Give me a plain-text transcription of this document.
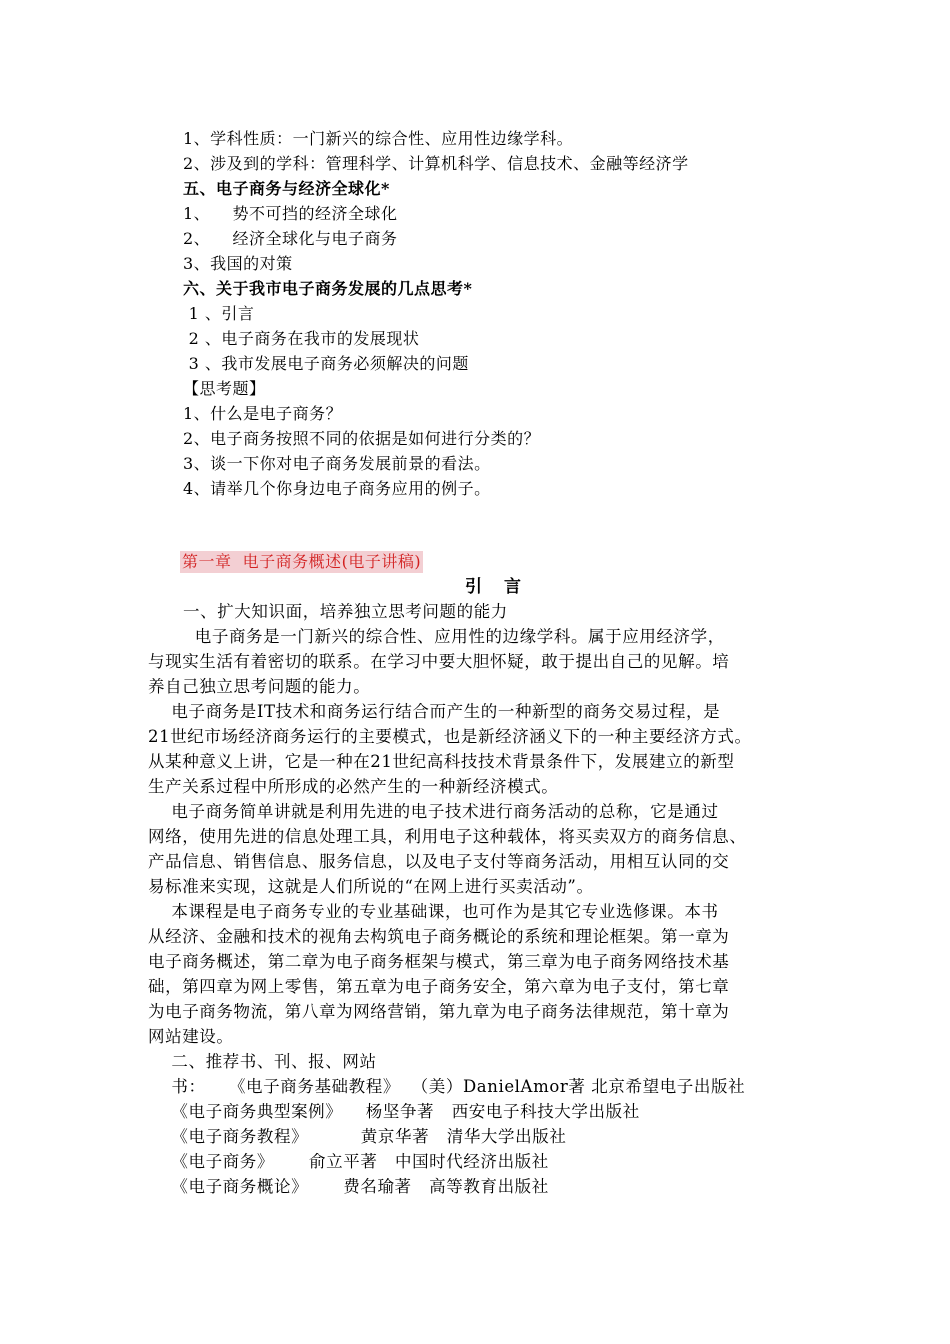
1、学科性质：一门新兴的综合性、应用性边缘学科。
2、涉及到的学科：管理科学、计算机科学、信息技术、金融等经济学
五、电子商务与经济全球化*
1、    势不可挡的经济全球化
2、    经济全球化与电子商务
3、我国的对策
六、关于我市电子商务发展的几点思考*
1 、引言
2 、电子商务在我市的发展现状
3 、我市发展电子商务必须解决的问题
【思考题】
1、什么是电子商务？
2、电子商务按照不同的依据是如何进行分类的？
3、谈一下你对电子商务发展前景的看法。
4、请举几个你身边电子商务应用的例子。
第一章  电子商务概述(电子讲稿)
引言
一、扩大知识面，培养独立思考问题的能力
电子商务是一门新兴的综合性、应用性的边缘学科。属于应用经济学，
与现实生活有着密切的联系。在学习中要大胆怀疑，敢于提出自己的见解。培
养自己独立思考问题的能力。
电子商务是IT技术和商务运行结合而产生的一种新型的商务交易过程，是
21世纪市场经济商务运行的主要模式，也是新经济涵义下的一种主要经济方式。
从某种意义上讲，它是一种在21世纪高科技技术背景条件下，发展建立的新型
生产关系过程中所形成的必然产生的一种新经济模式。
电子商务简单讲就是利用先进的电子技术进行商务活动的总称，它是通过
网络，使用先进的信息处理工具，利用电子这种载体，将买卖双方的商务信息、
产品信息、销售信息、服务信息，以及电子支付等商务活动，用相互认同的交
易标准来实现，这就是人们所说的“在网上进行买卖活动”。
本课程是电子商务专业的专业基础课，也可作为是其它专业选修课。本书
从经济、金融和技术的视角去构筑电子商务概论的系统和理论框架。第一章为
电子商务概述，第二章为电子商务框架与模式，第三章为电子商务网络技术基
础，第四章为网上零售，第五章为电子商务安全，第六章为电子支付，第七章
为电子商务物流，第八章为网络营销，第九章为电子商务法律规范，第十章为
网站建设。
二、推荐书、刊、报、网站
书：    《电子商务基础教程》  （美）DanielAmor著 北京希望电子出版社
《电子商务典型案例》    杨坚争著   西安电子科技大学出版社
《电子商务教程》         黄京华著   清华大学出版社
《电子商务》      俞立平著   中国时代经济出版社
《电子商务概论》      费名瑜著   高等教育出版社
